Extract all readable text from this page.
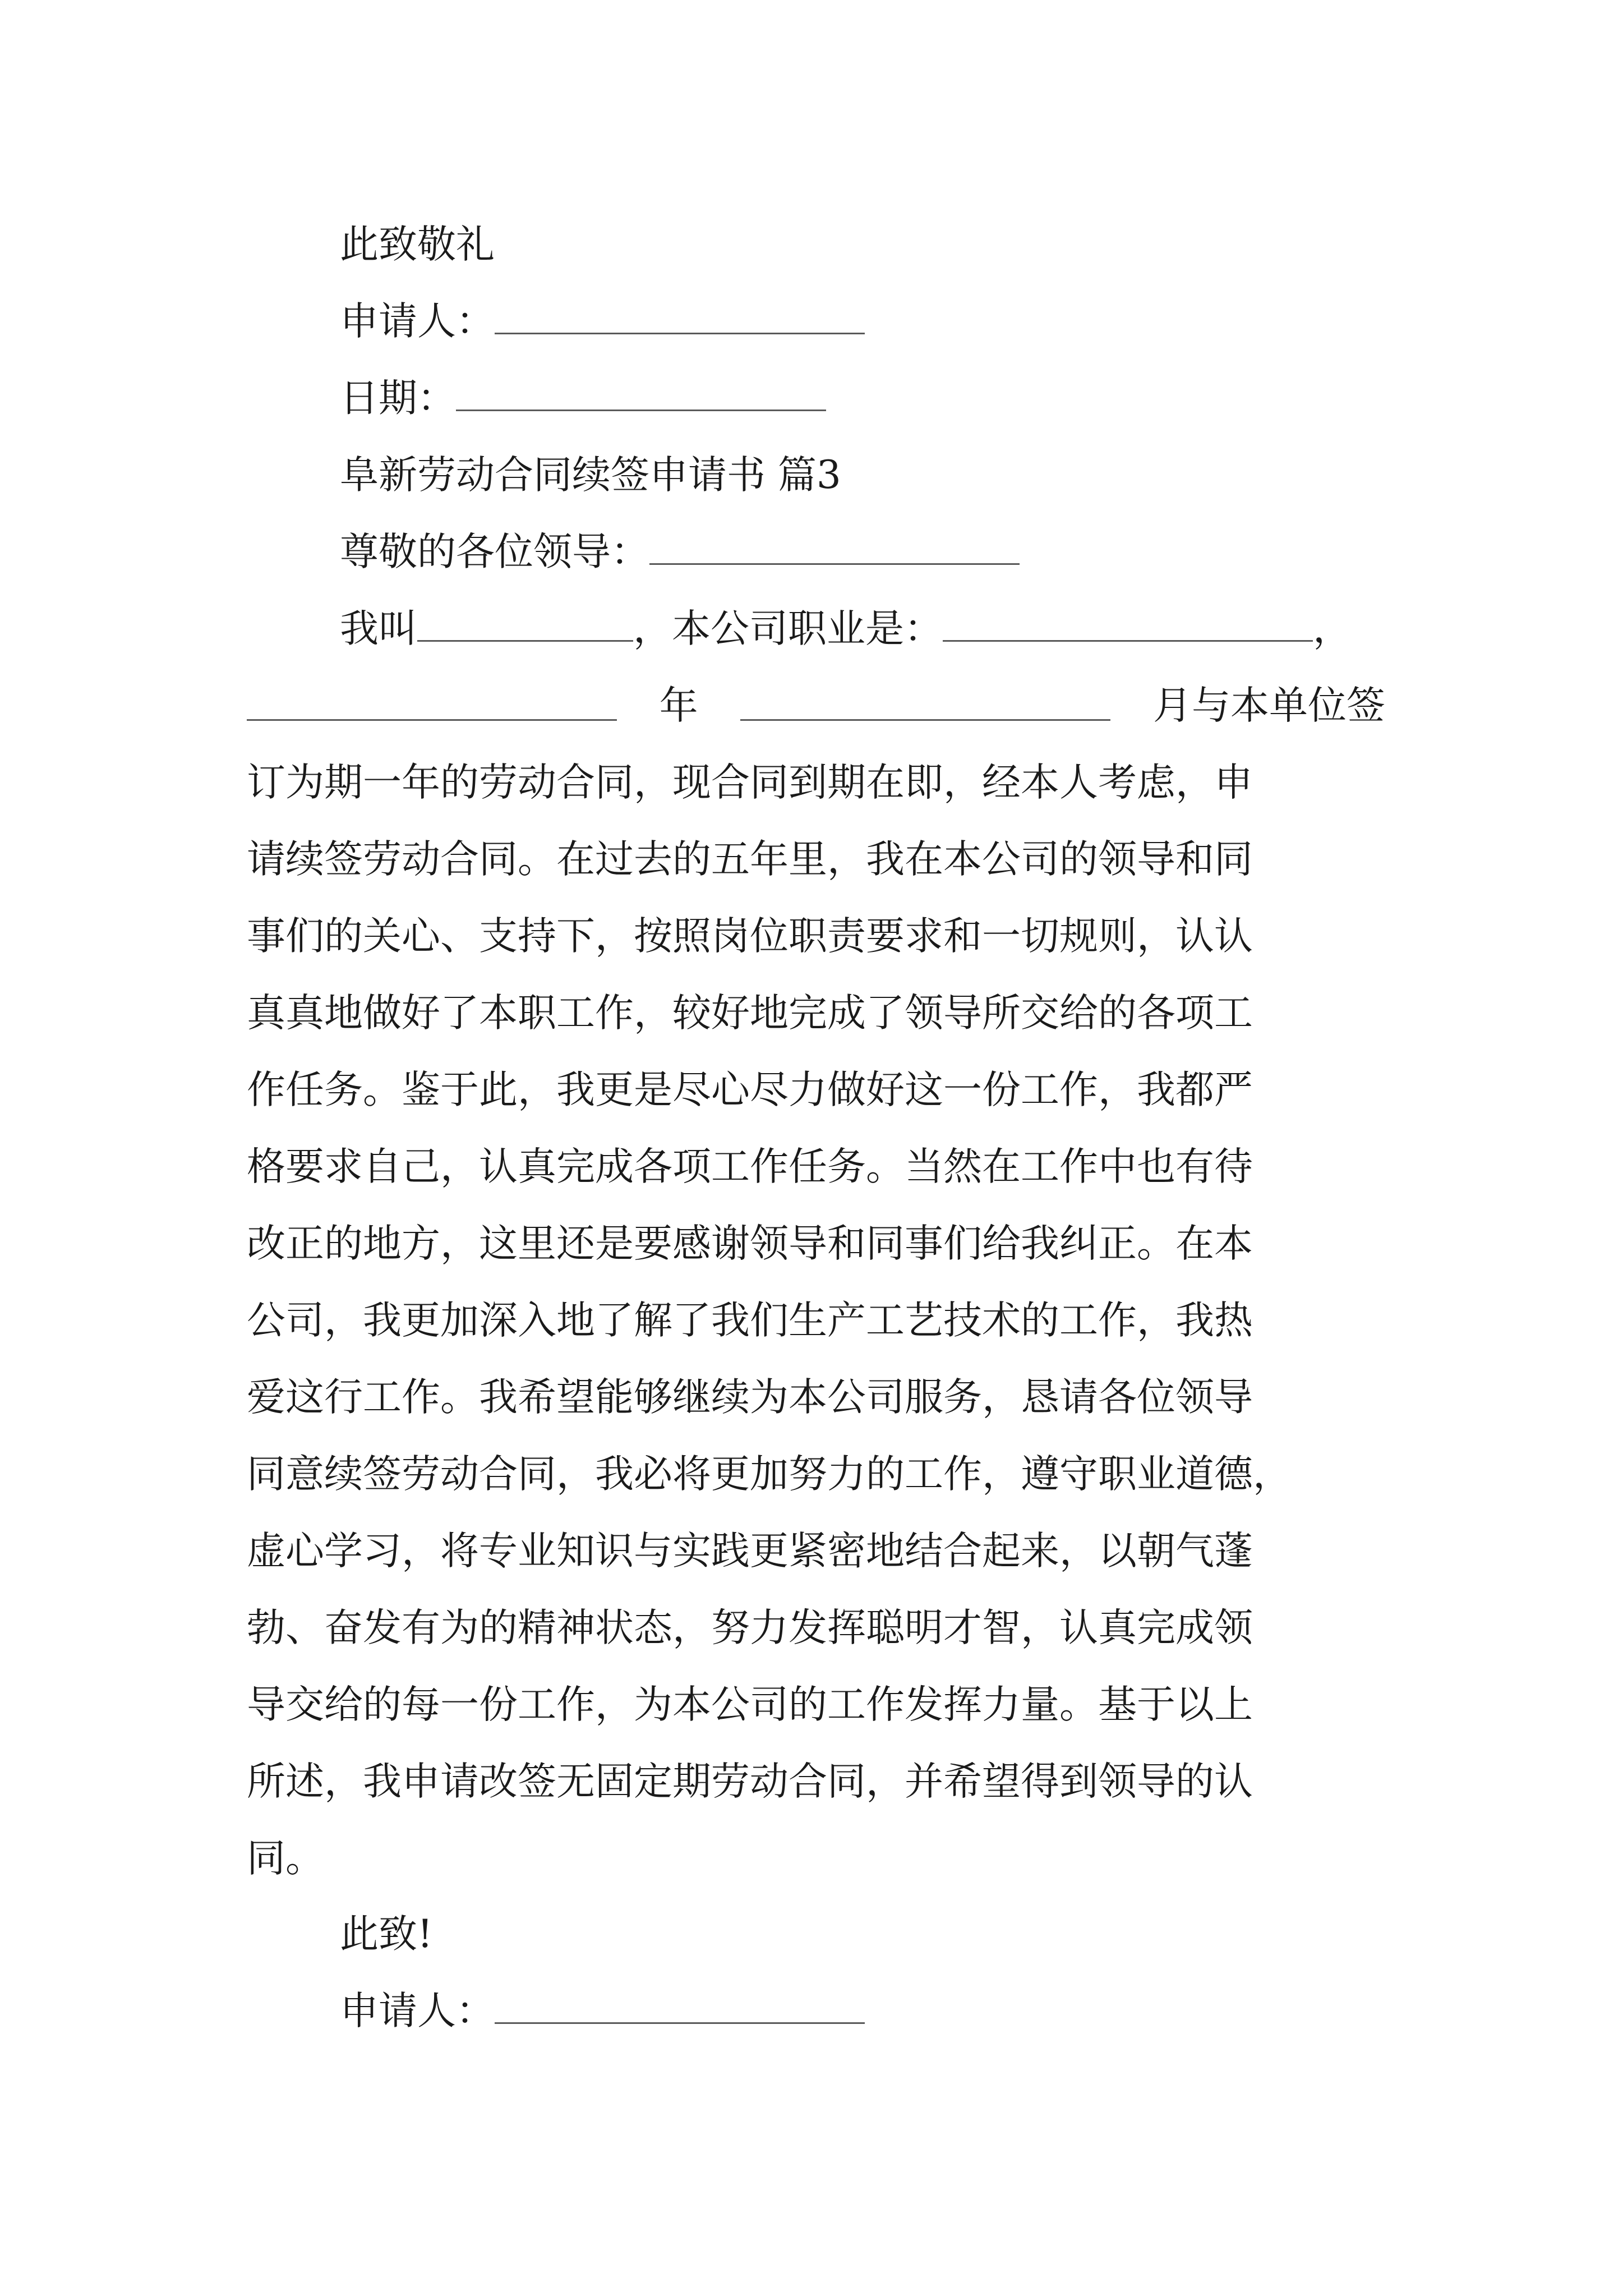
此致敬礼
申请人：
日期：
阜新劳动合同续签申请书 篇3
尊敬的各位领导：
我叫	，本公司职业是：	，
年	月与本单位签
订为期一年的劳动合同，现合同到期在即，经本人考虑，申
请续签劳动合同。在过去的五年里，我在本公司的领导和同
事们的关心、支持下，按照岗位职责要求和一切规则，认认
真真地做好了本职工作，较好地完成了领导所交给的各项工
作任务。鉴于此，我更是尽心尽力做好这一份工作，我都严
格要求自己，认真完成各项工作任务。当然在工作中也有待
改正的地方，这里还是要感谢领导和同事们给我纠正。在本
公司，我更加深入地了解了我们生产工艺技术的工作，我热
爱这行工作。我希望能够继续为本公司服务，恳请各位领导
同意续签劳动合同，我必将更加努力的工作，遵守职业道德，
虚心学习，将专业知识与实践更紧密地结合起来，以朝气蓬
勃、奋发有为的精神状态，努力发挥聪明才智，认真完成领
导交给的每一份工作，为本公司的工作发挥力量。基于以上
所述，我申请改签无固定期劳动合同，并希望得到领导的认
同。
此致!
申请人：
